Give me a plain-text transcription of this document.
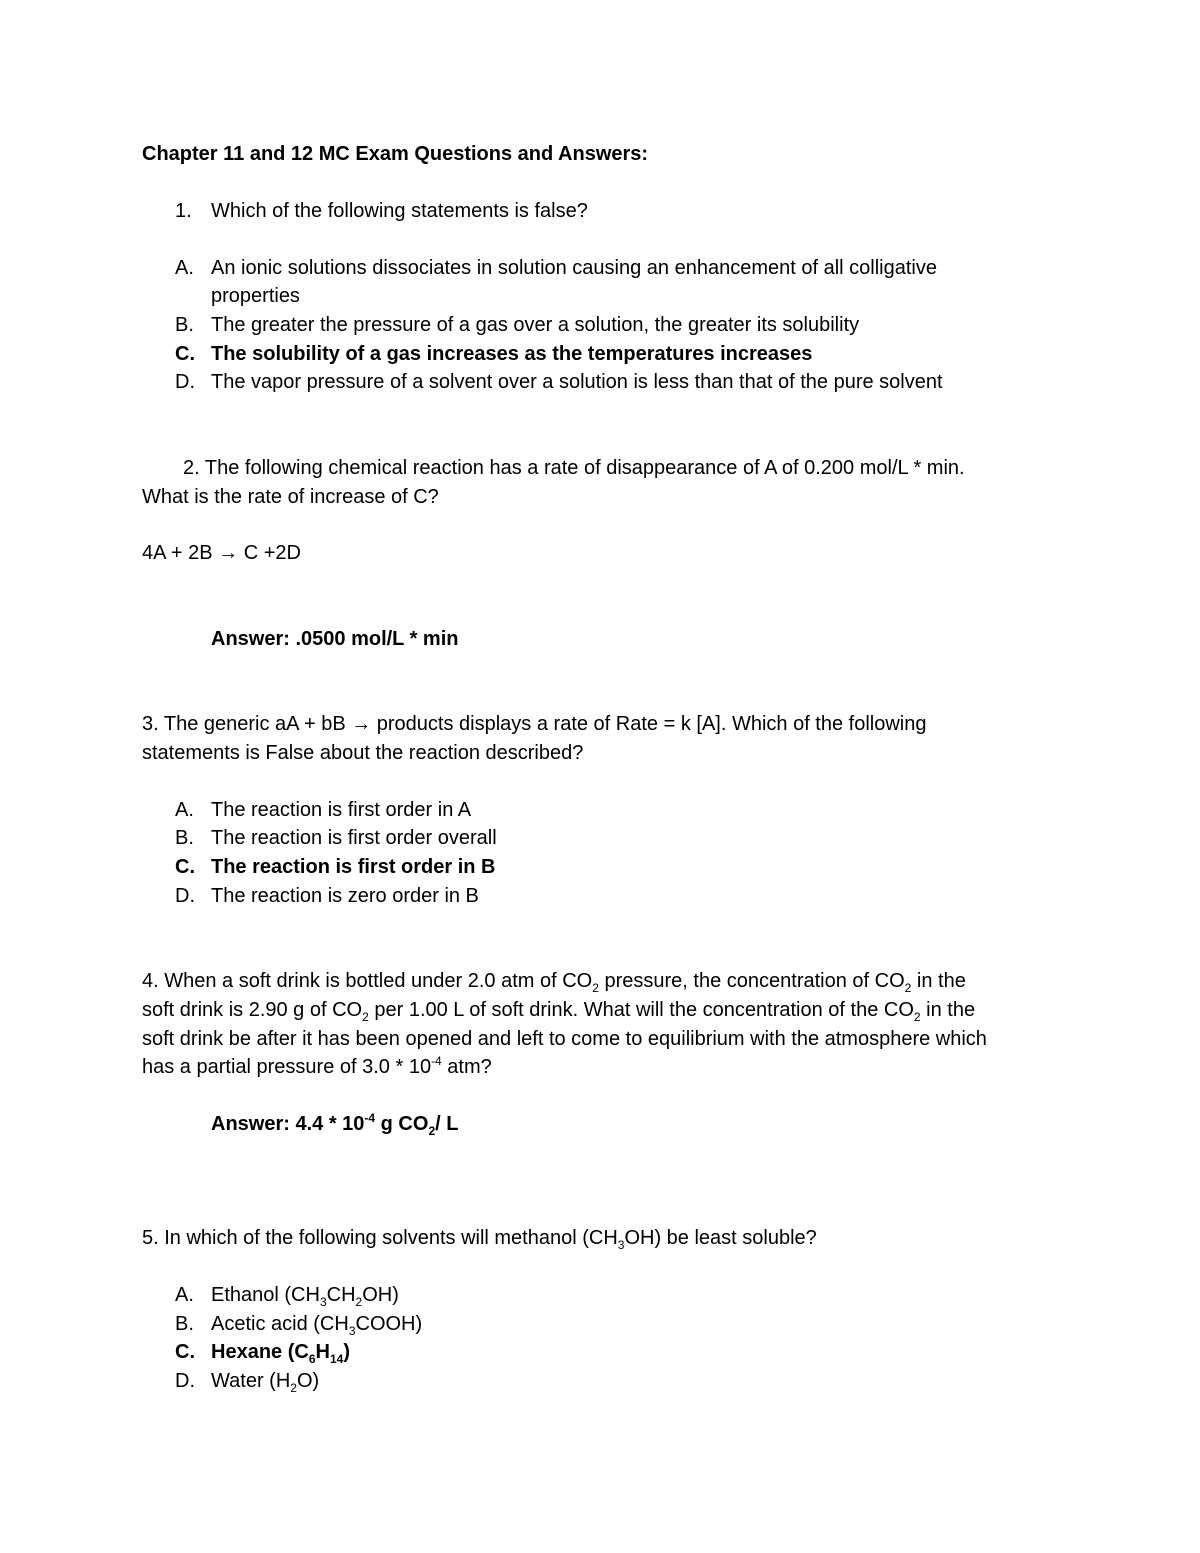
Chapter 11 and 12 MC Exam Questions and Answers:
1. Which of the following statements is false?
A. An ionic solutions dissociates in solution causing an enhancement of all colligative
properties
B. The greater the pressure of a gas over a solution, the greater its solubility
C. The solubility of a gas increases as the temperatures increases
D. The vapor pressure of a solvent over a solution is less than that of the pure solvent
2. The following chemical reaction has a rate of disappearance of A of 0.200 mol/L * min.
What is the rate of increase of C?
4A + 2B → C +2D
Answer: .0500 mol/L * min
3. The generic aA + bB → products displays a rate of Rate = k [A]. Which of the following
statements is False about the reaction described?
A. The reaction is first order in A
B. The reaction is first order overall
C. The reaction is first order in B
D. The reaction is zero order in B
4. When a soft drink is bottled under 2.0 atm of $CO_2$ pressure, the concentration of $CO_2$ in the
soft drink is 2.90 g of $CO_2$ per 1.00 L of soft drink. What will the concentration of the $CO_2$ in the
soft drink be after it has been opened and left to come to equilibrium with the atmosphere which
has a partial pressure of $3.0 * 10^{-4}$ atm?
Answer: $4.4 * 10^{-4}$ g $CO_2/$ L
5. In which of the following solvents will methanol $(CH_3OH)$ be least soluble?
A. Ethanol $(CH_3CH_2OH)$
B. Acetic acid $(CH_3COOH)$
C. Hexane $(C_6H_{14})$
D. Water $(H_2O)$
